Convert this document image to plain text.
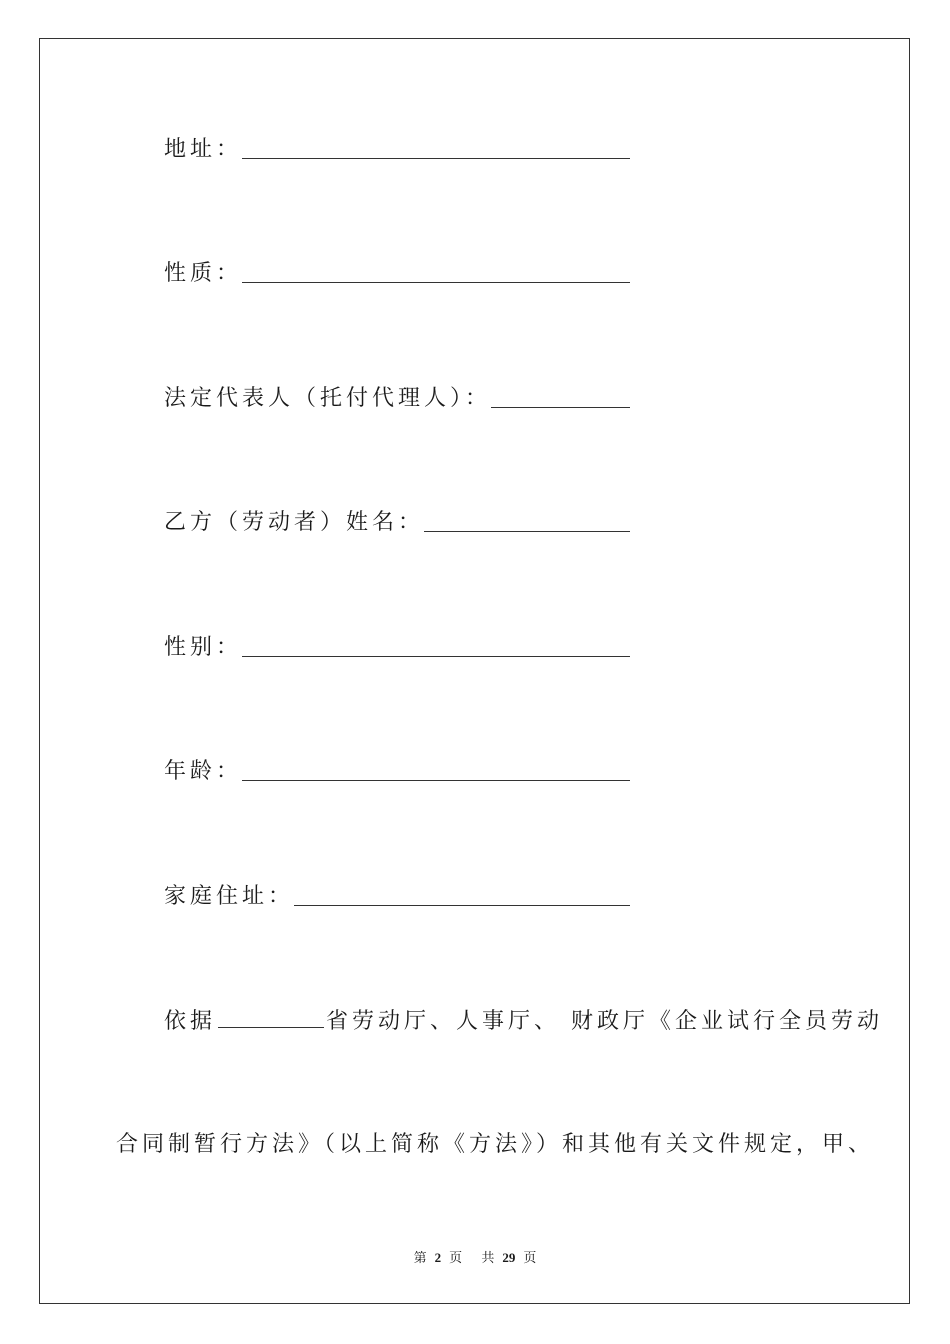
地址：
性质：
法定代表人（托付代理人）：
乙方（劳动者）姓名：
性别：
年龄：
家庭住址：
依据	省劳动厅、人事厅、 财政厅《企业试行全员劳动
合同制暂行方法》（以上简称《方法》）和其他有关文件规定，甲、
第 2 页 共 29 页
